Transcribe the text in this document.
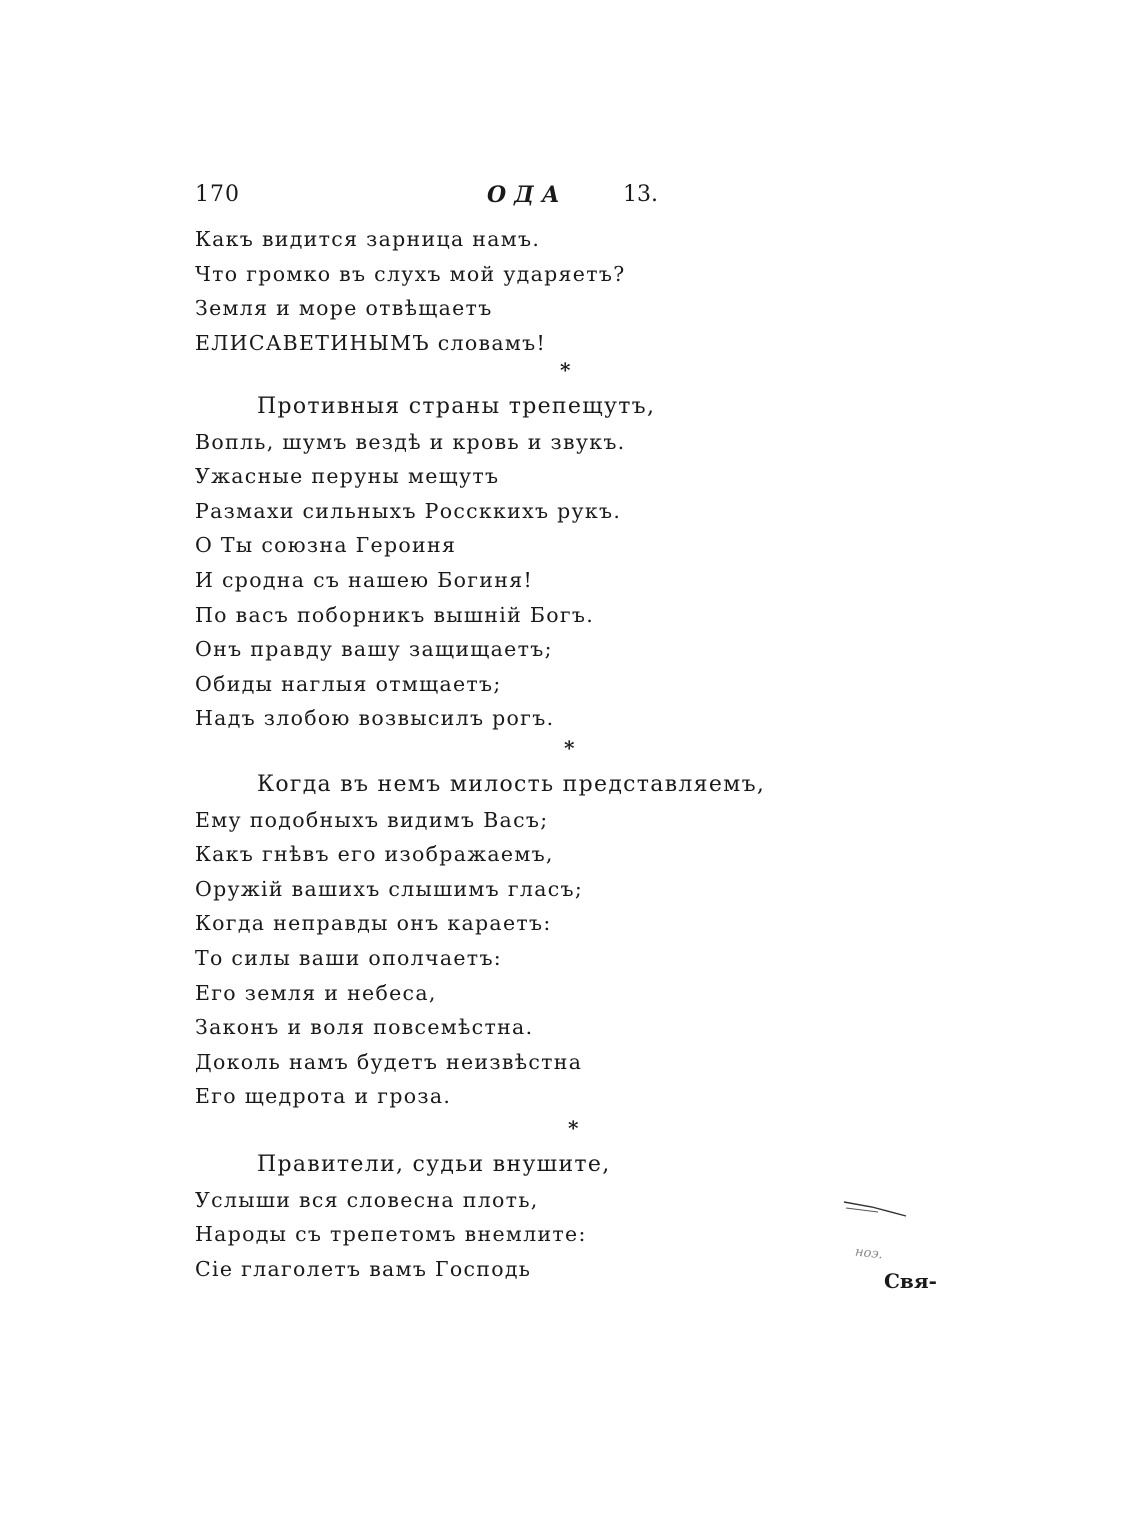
170	ОДА	13.
Какъ видится зарница намъ.
Что громко въ слухъ мой ударяетъ?
Земля и море отвѣщаетъ
ЕЛИСАВЕТИНЫМЪ словамъ!
*
Противныя страны трепещутъ,
Вопль, шумъ вездѣ и кровь и звукъ.
Ужасные перуны мещутъ
Размахи сильныхъ Россккихъ рукъ.
О Ты союзна Героиня
И сродна съ нашею Богиня!
По васъ поборникъ вышній Богъ.
Онъ правду вашу защищаетъ;
Обиды наглыя отмщаетъ;
Надъ злобою возвысилъ рогъ.
*
Когда въ немъ милость представляемъ,
Ему подобныхъ видимъ Васъ;
Какъ гнѣвъ его изображаемъ,
Оружій вашихъ слышимъ гласъ;
Когда неправды онъ караетъ:
То силы ваши ополчаетъ:
Его земля и небеса,
Законъ и воля повсемѣстна.
Доколь намъ будетъ неизвѣстна
Его щедрота и гроза.
*
Правители, судьи внушите,
Услыши вся словесна плоть,
Народы съ трепетомъ внемлите:
Сіе глаголетъ вамъ Господь
ноэ.
Свя-
